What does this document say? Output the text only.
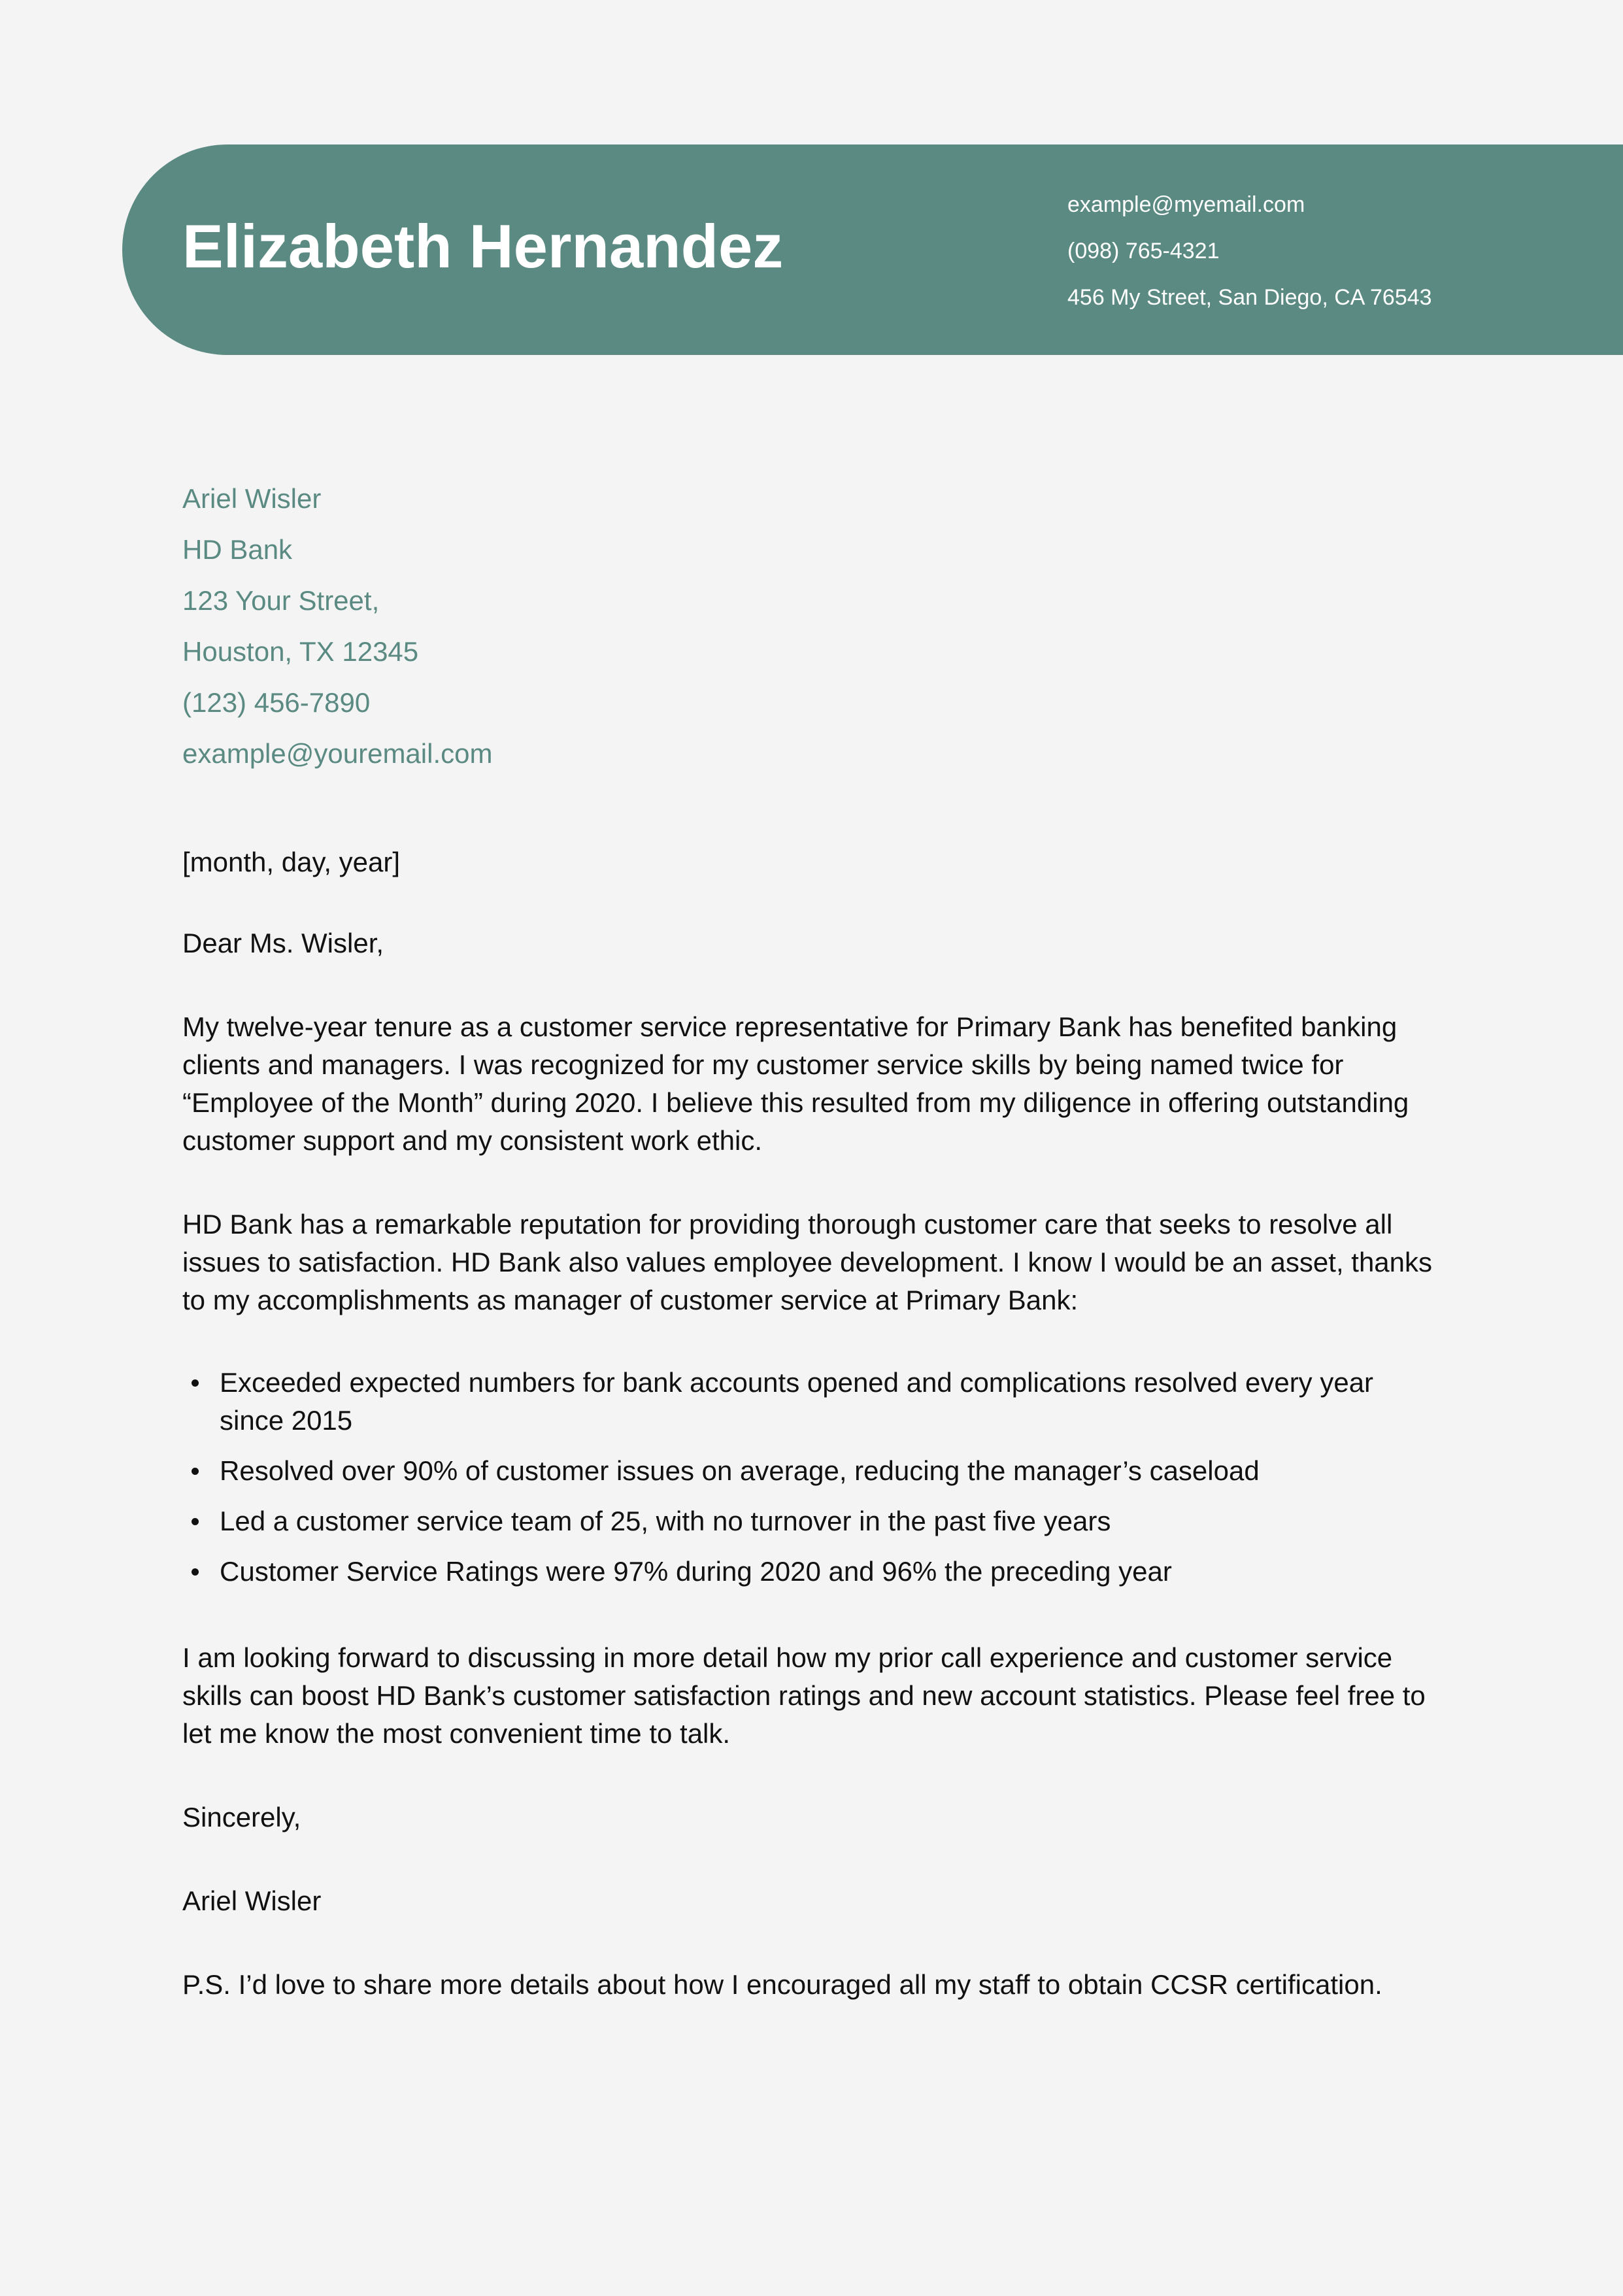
Elizabeth Hernandez
example@myemail.com
(098) 765-4321
456 My Street, San Diego, CA 76543
Ariel Wisler
HD Bank
123 Your Street,
Houston, TX 12345
(123) 456-7890
example@youremail.com

[month, day, year]

Dear Ms. Wisler,

My twelve-year tenure as a customer service representative for Primary Bank has benefited banking clients and managers. I was recognized for my customer service skills by being named twice for “Employee of the Month” during 2020. I believe this resulted from my diligence in offering outstanding customer support and my consistent work ethic.

HD Bank has a remarkable reputation for providing thorough customer care that seeks to resolve all issues to satisfaction. HD Bank also values employee development. I know I would be an asset, thanks to my accomplishments as manager of customer service at Primary Bank:

Exceeded expected numbers for bank accounts opened and complications resolved every year since 2015
Resolved over 90% of customer issues on average, reducing the manager’s caseload
Led a customer service team of 25, with no turnover in the past five years
Customer Service Ratings were 97% during 2020 and 96% the preceding year

I am looking forward to discussing in more detail how my prior call experience and customer service skills can boost HD Bank’s customer satisfaction ratings and new account statistics. Please feel free to let me know the most convenient time to talk.

Sincerely,

Ariel Wisler

P.S. I’d love to share more details about how I encouraged all my staff to obtain CCSR certification.
